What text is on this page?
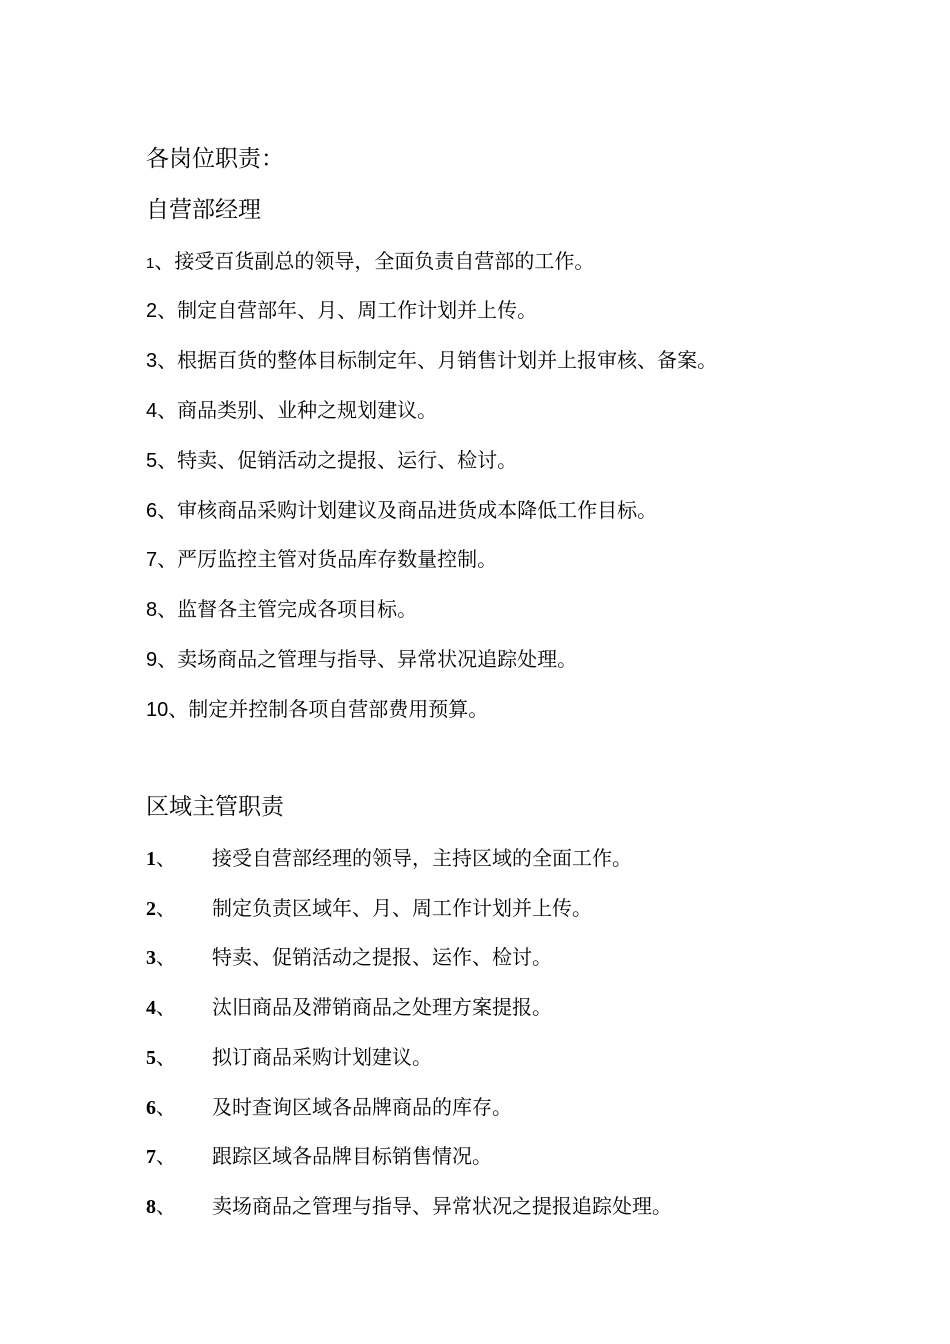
各岗位职责：
自营部经理
1、接受百货副总的领导，全面负责自营部的工作。
2、制定自营部年、月、周工作计划并上传。
3、根据百货的整体目标制定年、月销售计划并上报审核、备案。
4、商品类别、业种之规划建议。
5、特卖、促销活动之提报、运行、检讨。
6、审核商品采购计划建议及商品进货成本降低工作目标。
7、严厉监控主管对货品库存数量控制。
8、监督各主管完成各项目标。
9、卖场商品之管理与指导、异常状况追踪处理。
10、制定并控制各项自营部费用预算。
区域主管职责
1、 接受自营部经理的领导，主持区域的全面工作。
2、 制定负责区域年、月、周工作计划并上传。
3、 特卖、促销活动之提报、运作、检讨。
4、 汰旧商品及滞销商品之处理方案提报。
5、 拟订商品采购计划建议。
6、 及时查询区域各品牌商品的库存。
7、 跟踪区域各品牌目标销售情况。
8、 卖场商品之管理与指导、异常状况之提报追踪处理。
